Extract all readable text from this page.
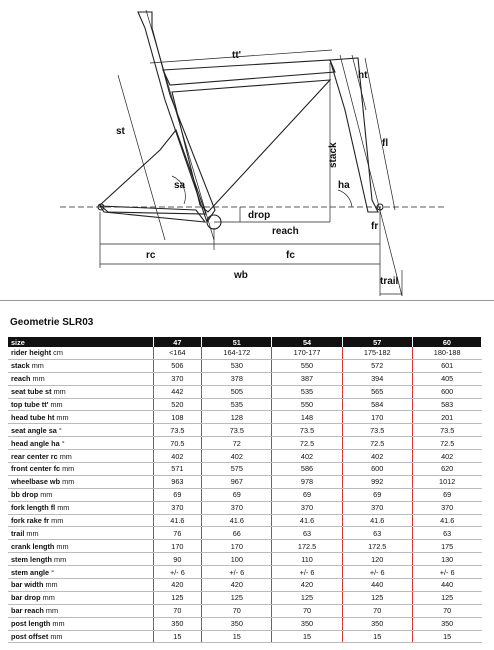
tt'
ht
st
stack	fl
sa	ha
drop
reach	fr
rc	fc
wb
trail
Geometrie SLR03
size	47	51	54	57	60
rider height cm	<164	164-172	170-177	175-182	180-188
stack mm	506	530	550	572	601
reach mm	370	378	387	394	405
seat tube st mm	442	505	535	565	600
top tube tt' mm	520	535	550	584	583
head tube ht mm	108	128	148	170	201
seat angle sa °	73.5	73.5	73.5	73.5	73.5
head angle ha °	70.5	72	72.5	72.5	72.5
rear center rc mm	402	402	402	402	402
front center fc mm	571	575	586	600	620
wheelbase wb mm	963	967	978	992	1012
bb drop mm	69	69	69	69	69
fork length fl mm	370	370	370	370	370
fork rake fr mm	41.6	41.6	41.6	41.6	41.6
trail mm	76	66	63	63	63
crank length mm	170	170	172.5	172.5	175
stem length mm	90	100	110	120	130
stem angle °	+/- 6	+/- 6	+/- 6	+/- 6	+/- 6
bar width mm	420	420	420	440	440
bar drop mm	125	125	125	125	125
bar reach mm	70	70	70	70	70
post length mm	350	350	350	350	350
post offset mm	15	15	15	15	15
